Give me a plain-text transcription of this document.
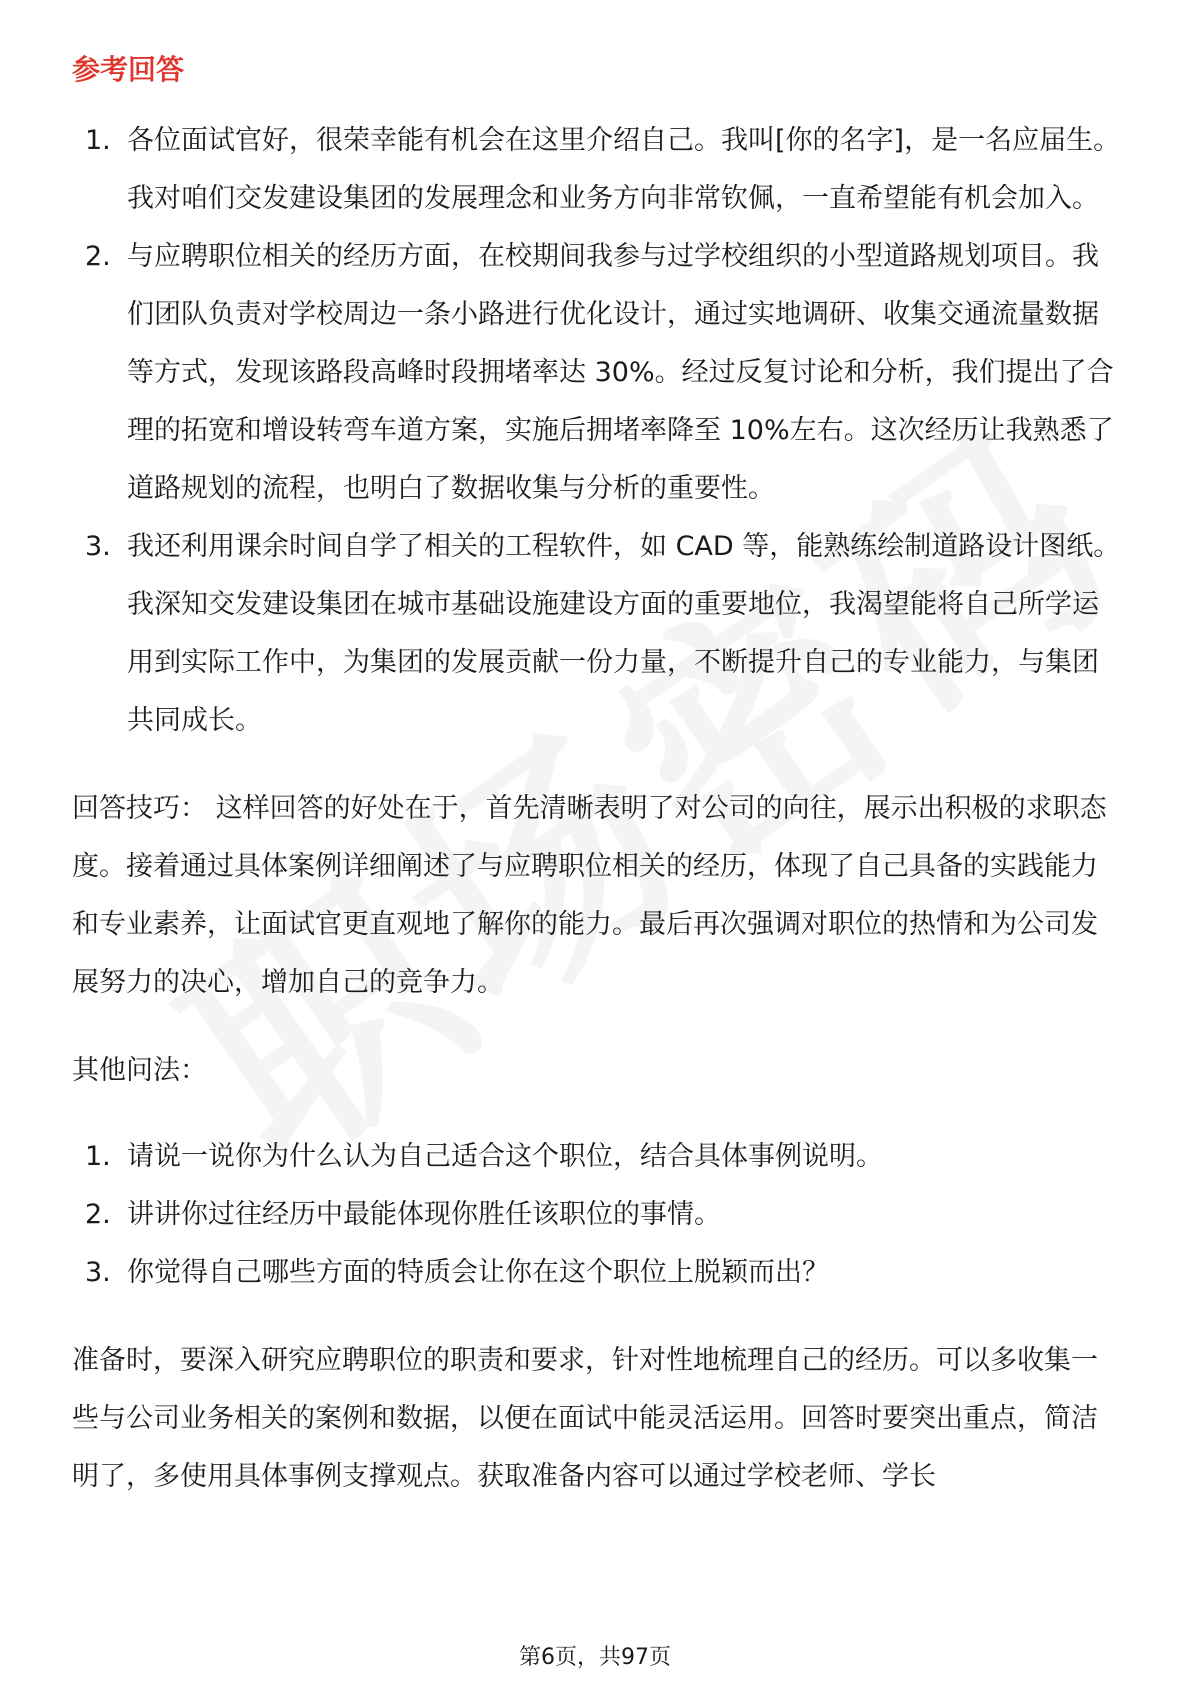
参考回答
1. 各位面试官好，很荣幸能有机会在这里介绍自己。我叫[你的名字]，是一名应届生。我对咱们交发建设集团的发展理念和业务方向非常钦佩，一直希望能有机会加入。
2. 与应聘职位相关的经历方面，在校期间我参与过学校组织的小型道路规划项目。我们团队负责对学校周边一条小路进行优化设计，通过实地调研、收集交通流量数据等方式，发现该路段高峰时段拥堵率达 30%。经过反复讨论和分析，我们提出了合理的拓宽和增设转弯车道方案，实施后拥堵率降至 10%左右。这次经历让我熟悉了道路规划的流程，也明白了数据收集与分析的重要性。
3. 我还利用课余时间自学了相关的工程软件，如 CAD 等，能熟练绘制道路设计图纸。我深知交发建设集团在城市基础设施建设方面的重要地位，我渴望能将自己所学运用到实际工作中，为集团的发展贡献一份力量，不断提升自己的专业能力，与集团共同成长。

回答技巧： 这样回答的好处在于，首先清晰表明了对公司的向往，展示出积极的求职态度。接着通过具体案例详细阐述了与应聘职位相关的经历，体现了自己具备的实践能力和专业素养，让面试官更直观地了解你的能力。最后再次强调对职位的热情和为公司发展努力的决心，增加自己的竞争力。

其他问法：

1. 请说一说你为什么认为自己适合这个职位，结合具体事例说明。
2. 讲讲你过往经历中最能体现你胜任该职位的事情。
3. 你觉得自己哪些方面的特质会让你在这个职位上脱颖而出？

准备时，要深入研究应聘职位的职责和要求，针对性地梳理自己的经历。可以多收集一些与公司业务相关的案例和数据，以便在面试中能灵活运用。回答时要突出重点，简洁明了，多使用具体事例支撑观点。获取准备内容可以通过学校老师、学长

第6页，共97页
